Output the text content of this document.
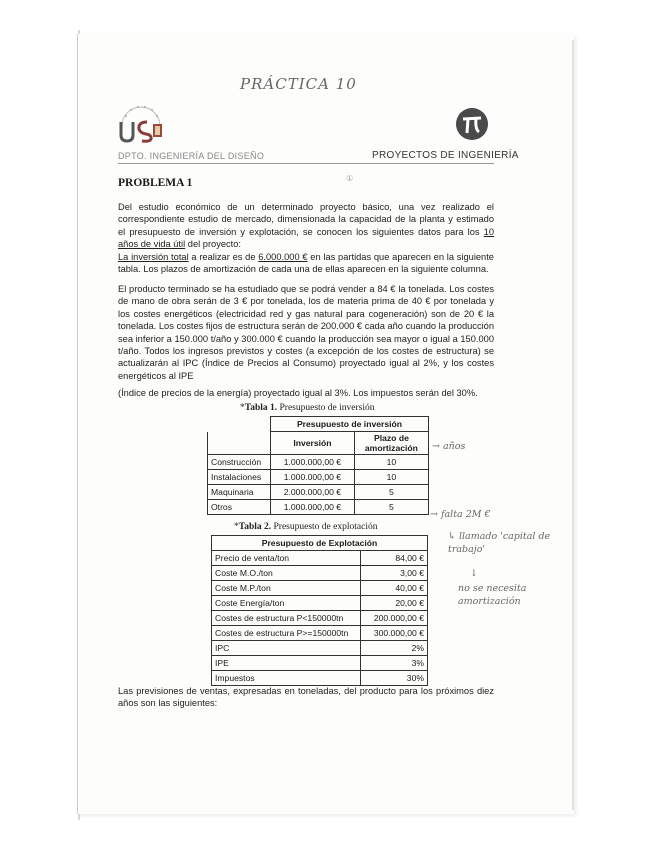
PRÁCTICA 10
DPTO. INGENIERÍA DEL DISEÑO	PROYECTOS DE INGENIERÍA
PROBLEMA 1	①
Del estudio económico de un determinado proyecto básico, una vez realizado el correspondiente estudio de mercado, dimensionada la capacidad de la planta y estimado el presupuesto de inversión y explotación, se conocen los siguientes datos para los 10 años de vida útil del proyecto:
La inversión total a realizar es de 6.000.000 € en las partidas que aparecen en la siguiente tabla. Los plazos de amortización de cada una de ellas aparecen en la siguiente columna.
El producto terminado se ha estudiado que se podrá vender a 84 € la tonelada. Los costes de mano de obra serán de 3 € por tonelada, los de materia prima de 40 € por tonelada y los costes energéticos (electricidad red y gas natural para cogeneración) son de 20 € la tonelada. Los costes fijos de estructura serán de 200.000 € cada año cuando la producción sea inferior a 150.000 t/año y 300.000 € cuando la producción sea mayor o igual a 150.000 t/año. Todos los ingresos previstos y costes (a excepción de los costes de estructura) se actualizarán al IPC (Índice de Precios al Consumo) proyectado igual al 2%, y los costes energéticos al IPE
(Índice de precios de la energía) proyectado igual al 3%. Los impuestos serán del 30%.
*Tabla 1. Presupuesto de inversión
	Presupuesto de inversión	
	Inversión	Plazo de amortización
Construcción	1.000.000,00 €	10
Instalaciones	1.000.000,00 €	10
Maquinaria	2.000.000,00 €	5
Otros	1.000.000,00 €	5
→ años
→ falta 2M €
↳ llamado 'capital de trabajo'
↓
no se necesita amortización
*Tabla 2. Presupuesto de explotación
Presupuesto de Explotación	
Precio de venta/ton	84,00 €
Coste M.O./ton	3,00 €
Coste M.P./ton	40,00 €
Coste Energía/ton	20,00 €
Costes de estructura P<150000tn	200.000,00 €
Costes de estructura P>=150000tn	300.000,00 €
IPC	2%
IPE	3%
Impuestos	30%
Las previsiones de ventas, expresadas en toneladas, del producto para los próximos diez años son las siguientes:
